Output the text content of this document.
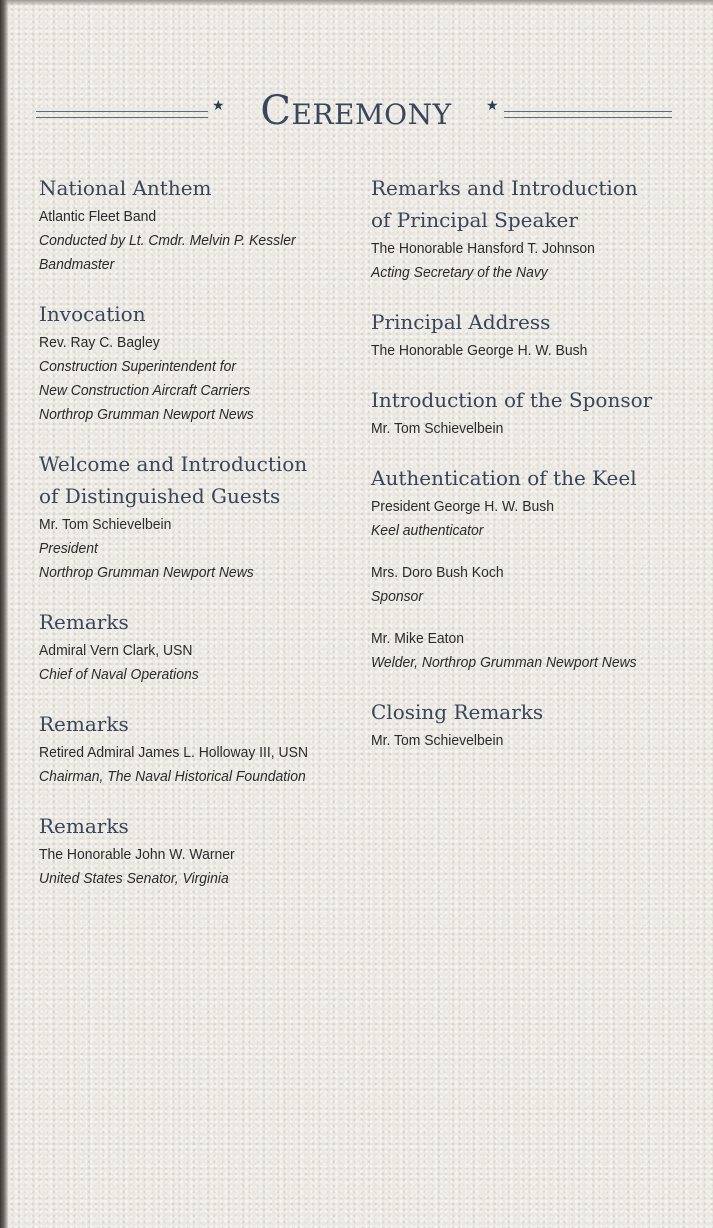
★ Ceremony	★
National Anthem
Atlantic Fleet Band
Conducted by Lt. Cmdr. Melvin P. Kessler
Bandmaster
Invocation
Rev. Ray C. Bagley
Construction Superintendent for
New Construction Aircraft Carriers
Northrop Grumman Newport News
Welcome and Introduction
of Distinguished Guests
Mr. Tom Schievelbein
President
Northrop Grumman Newport News
Remarks
Admiral Vern Clark, USN
Chief of Naval Operations
Remarks
Retired Admiral James L. Holloway III, USN
Chairman, The Naval Historical Foundation
Remarks
The Honorable John W. Warner
United States Senator, Virginia
Remarks and Introduction
of Principal Speaker
The Honorable Hansford T. Johnson
Acting Secretary of the Navy
Principal Address
The Honorable George H. W. Bush
Introduction of the Sponsor
Mr. Tom Schievelbein
Authentication of the Keel
President George H. W. Bush
Keel authenticator
Mrs. Doro Bush Koch
Sponsor
Mr. Mike Eaton
Welder, Northrop Grumman Newport News
Closing Remarks
Mr. Tom Schievelbein
